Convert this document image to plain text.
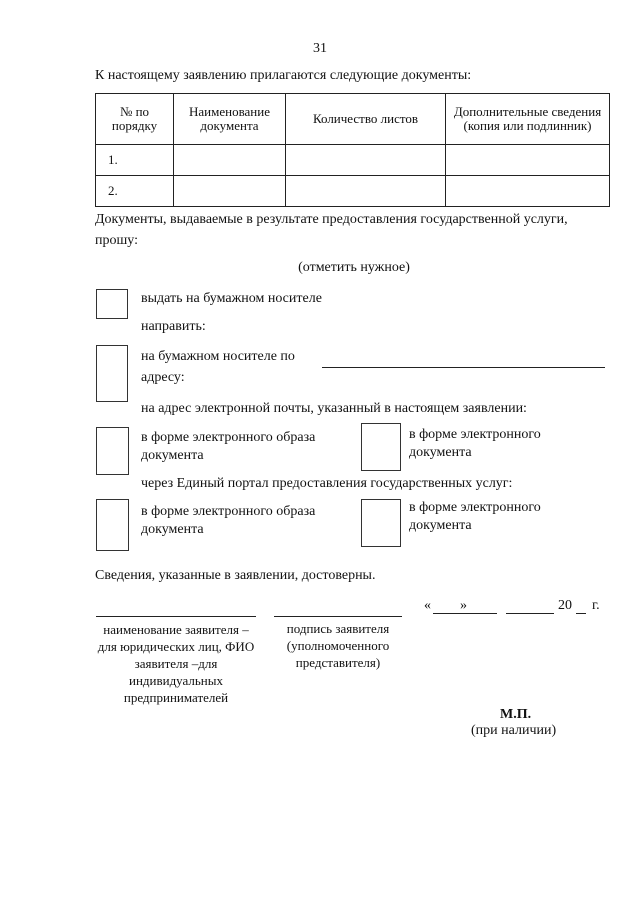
31
К настоящему заявлению прилагаются следующие документы:
№ по порядку	Наименование документа	Количество листов	Дополнительные сведения (копия или подлинник)
1.			
2.			
Документы, выдаваемые в результате предоставления государственной услуги, прошу:
(отметить нужное)
выдать на бумажном носителе
направить:
на бумажном носителе по адресу:
на адрес электронной почты, указанный в настоящем заявлении:
в форме электронного образа документа
в форме электронного документа
через Единый портал предоставления государственных услуг:
в форме электронного образа документа
в форме электронного документа
Сведения, указанные в заявлении, достоверны.
наименование заявителя – для юридических лиц, ФИО заявителя –для индивидуальных предпринимателей
подпись заявителя (уполномоченного представителя)
« »	20 г.
М.П.
(при наличии)
